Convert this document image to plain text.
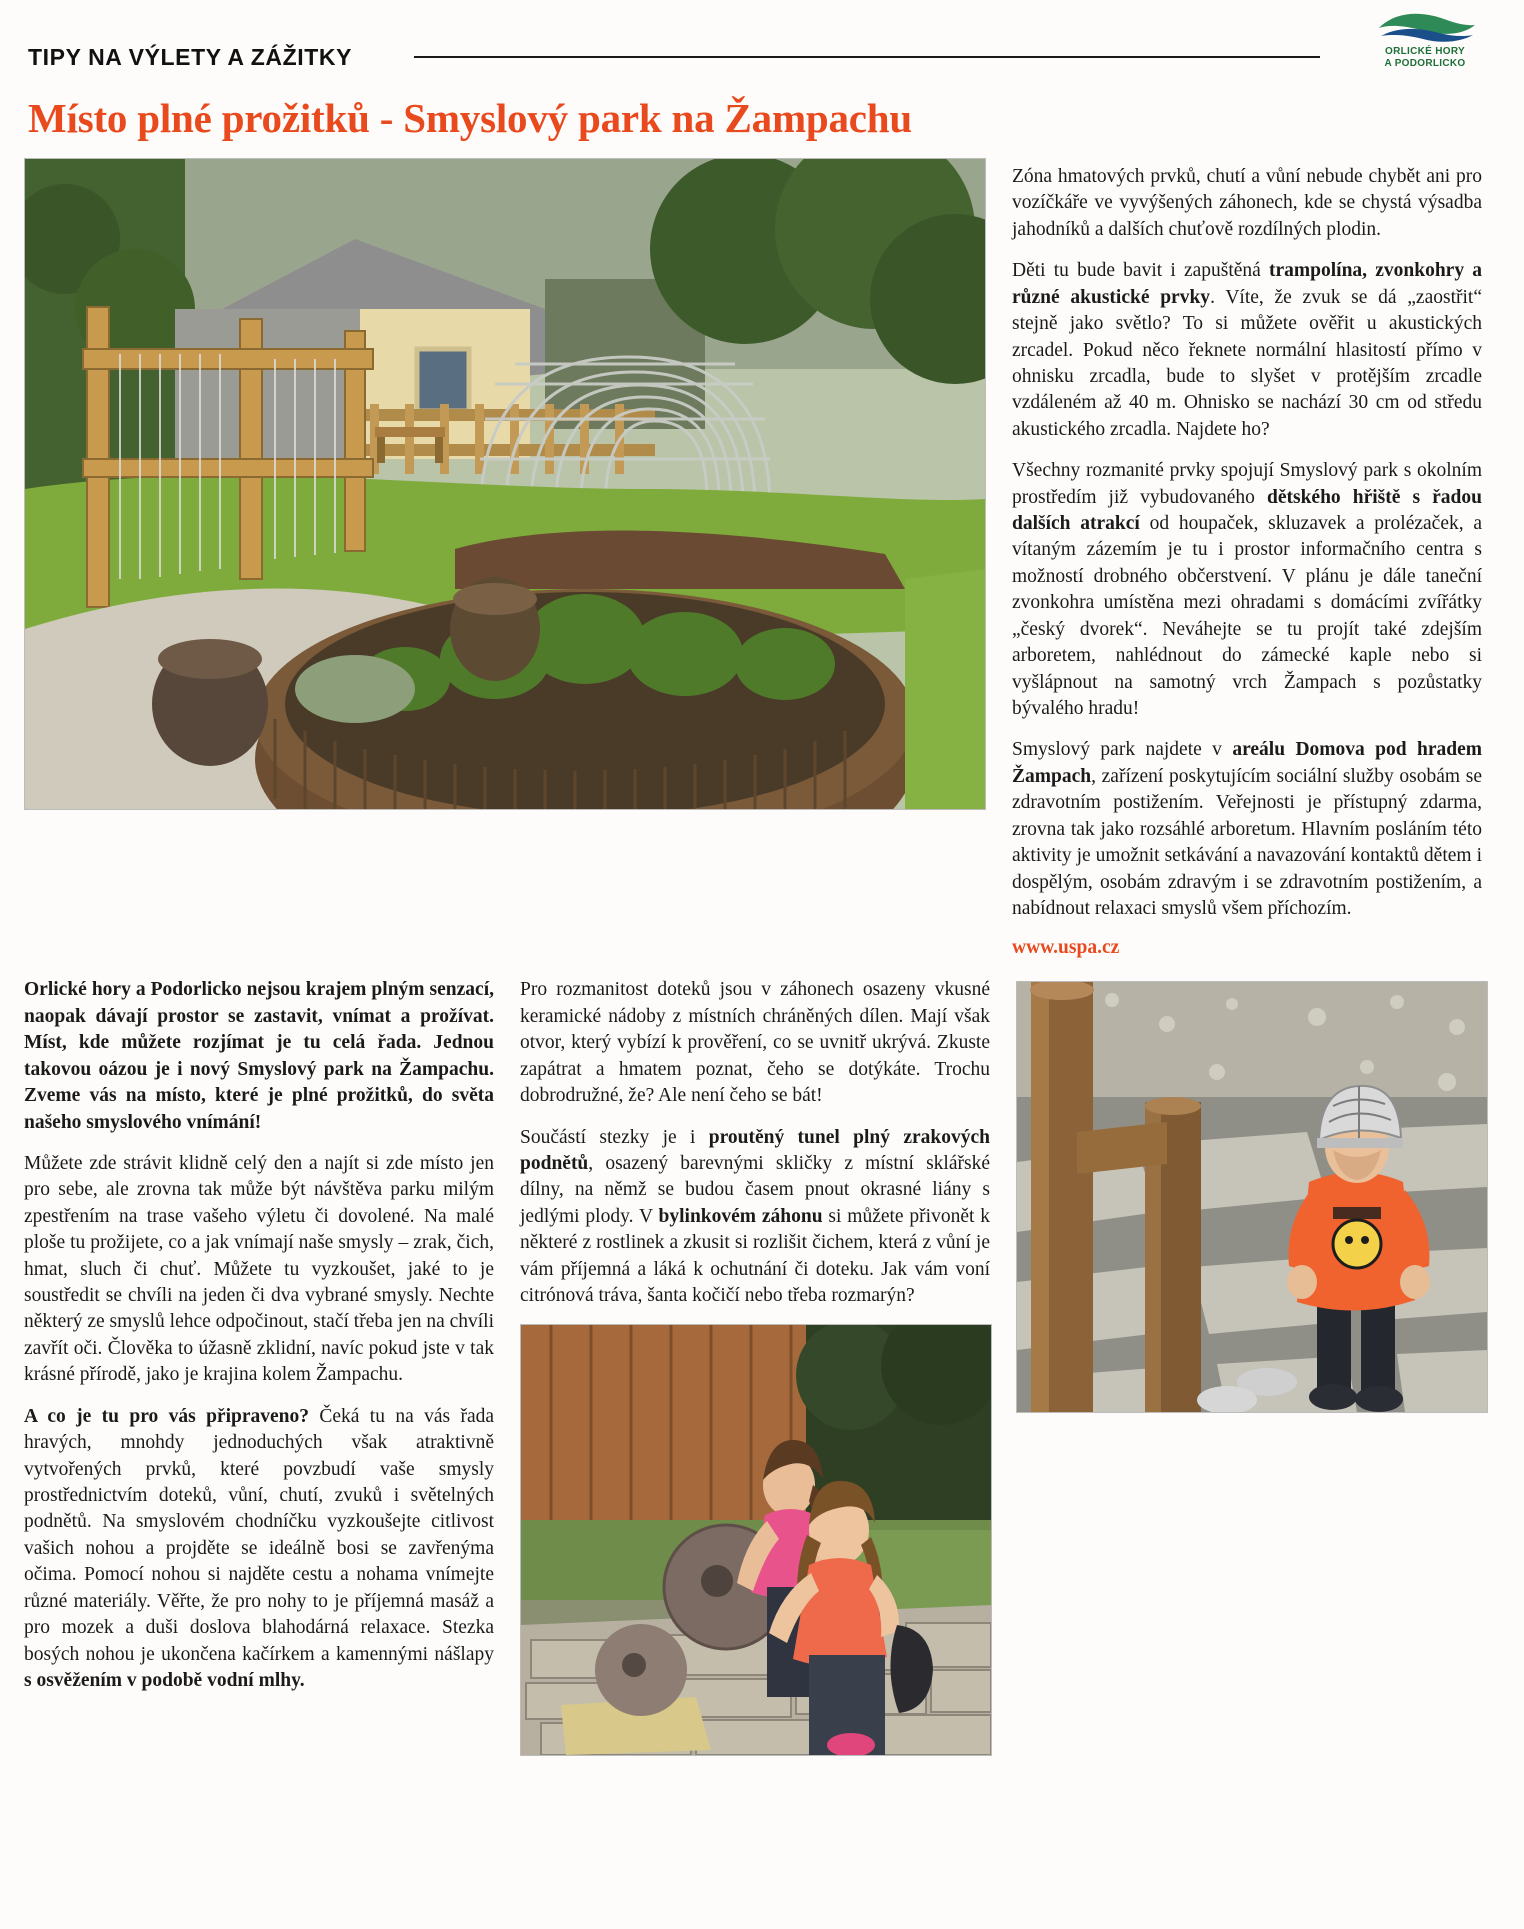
TIPY NA VÝLETY A ZÁŽITKY	ORLICKÉ HORY
A PODORLICKO
Místo plné prožitků - Smyslový park na Žampachu

Zóna hmatových prvků, chutí a vůní nebude chybět ani pro vozíčkáře ve vyvýšených záhonech, kde se chystá výsadba jahodníků a dalších chuťově rozdílných plodin.

Děti tu bude bavit i zapuštěná trampolína, zvonkohry a různé akustické prvky. Víte, že zvuk se dá „zaostřit“ stejně jako světlo? To si můžete ověřit u akustických zrcadel. Pokud něco řeknete normální hlasitostí přímo v ohnisku zrcadla, bude to slyšet v protějším zrcadle vzdáleném až 40 m. Ohnisko se nachází 30 cm od středu akustického zrcadla. Najdete ho?

Všechny rozmanité prvky spojují Smyslový park s okolním prostředím již vybudovaného dětského hřiště s řadou dalších atrakcí od houpaček, skluzavek a prolézaček, a vítaným zázemím je tu i prostor informačního centra s možností drobného občerstvení. V plánu je dále taneční zvonkohra umístěna mezi ohradami s domácími zvířátky „český dvorek“. Neváhejte se tu projít také zdejším arboretem, nahlédnout do zámecké kaple nebo si vyšlápnout na samotný vrch Žampach s pozůstatky bývalého hradu!

Smyslový park najdete v areálu Domova pod hradem Žampach, zařízení poskytujícím sociální služby osobám se zdravotním postižením. Veřejnosti je přístupný zdarma, zrovna tak jako rozsáhlé arboretum. Hlavním posláním této aktivity je umožnit setkávání a navazování kontaktů dětem i dospělým, osobám zdravým i se zdravotním postižením, a nabídnout relaxaci smyslů všem příchozím.

www.uspa.cz

Orlické hory a Podorlicko nejsou krajem plným senzací, naopak dávají prostor se zastavit, vnímat a prožívat. Míst, kde můžete rozjímat je tu celá řada. Jednou takovou oázou je i nový Smyslový park na Žampachu. Zveme vás na místo, které je plné prožitků, do světa našeho smyslového vnímání!

Můžete zde strávit klidně celý den a najít si zde místo jen pro sebe, ale zrovna tak může být návštěva parku milým zpestřením na trase vašeho výletu či dovolené. Na malé ploše tu prožijete, co a jak vnímají naše smysly – zrak, čich, hmat, sluch či chuť. Můžete tu vyzkoušet, jaké to je soustředit se chvíli na jeden či dva vybrané smysly. Nechte některý ze smyslů lehce odpočinout, stačí třeba jen na chvíli zavřít oči. Člověka to úžasně zklidní, navíc pokud jste v tak krásné přírodě, jako je krajina kolem Žampachu.

A co je tu pro vás připraveno? Čeká tu na vás řada hravých, mnohdy jednoduchých však atraktivně vytvořených prvků, které povzbudí vaše smysly prostřednictvím doteků, vůní, chutí, zvuků i světelných podnětů. Na smyslovém chodníčku vyzkoušejte citlivost vašich nohou a projděte se ideálně bosi se zavřenýma očima. Pomocí nohou si najděte cestu a nohama vnímejte různé materiály. Věřte, že pro nohy to je příjemná masáž a pro mozek a duši doslova blahodárná relaxace. Stezka bosých nohou je ukončena kačírkem a kamennými nášlapy s osvěžením v podobě vodní mlhy.

Pro rozmanitost doteků jsou v záhonech osazeny vkusné keramické nádoby z místních chráněných dílen. Mají však otvor, který vybízí k prověření, co se uvnitř ukrývá. Zkuste zapátrat a hmatem poznat, čeho se dotýkáte. Trochu dobrodružné, že? Ale není čeho se bát!

Součástí stezky je i proutěný tunel plný zrakových podnětů, osazený barevnými skličky z místní sklářské dílny, na němž se budou časem pnout okrasné liány s jedlými plody. V bylinkovém záhonu si můžete přivonět k některé z rostlinek a zkusit si rozlišit čichem, která z vůní je vám příjemná a láká k ochutnání či doteku. Jak vám voní citrónová tráva, šanta kočičí nebo třeba rozmarýn?
